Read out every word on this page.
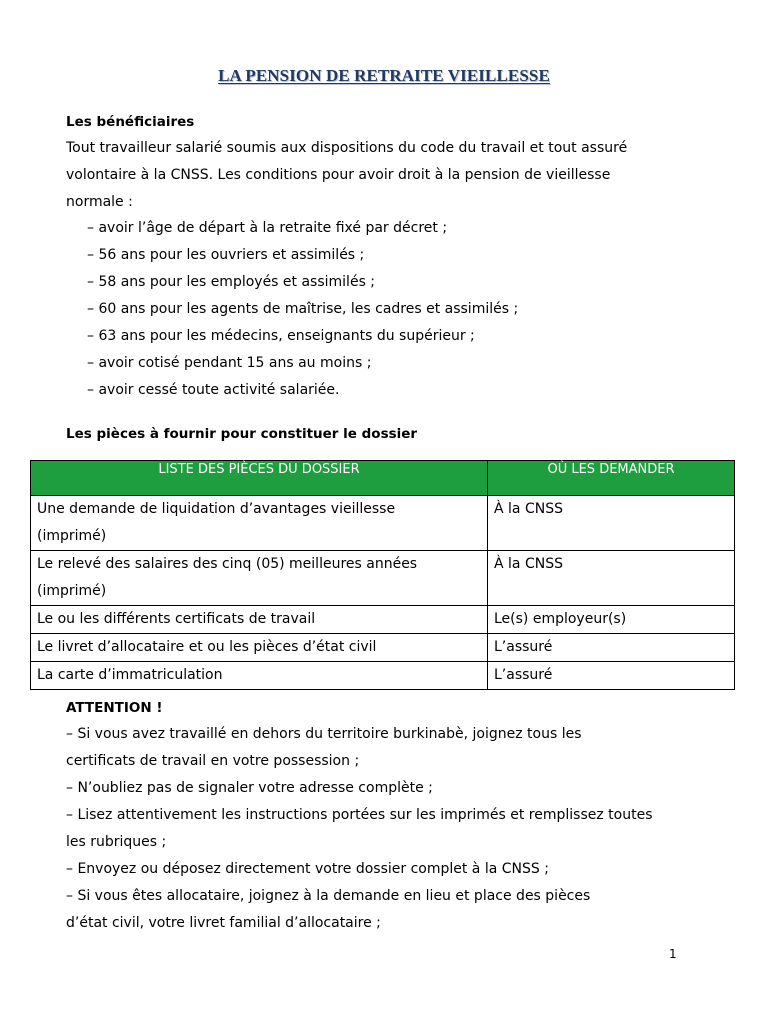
LA PENSION DE RETRAITE VIEILLESSE
Les bénéficiaires
Tout travailleur salarié soumis aux dispositions du code du travail et tout assuré
volontaire à la CNSS. Les conditions pour avoir droit à la pension de vieillesse
normale :
– avoir l’âge de départ à la retraite fixé par décret ;
– 56 ans pour les ouvriers et assimilés ;
– 58 ans pour les employés et assimilés ;
– 60 ans pour les agents de maîtrise, les cadres et assimilés ;
– 63 ans pour les médecins, enseignants du supérieur ;
– avoir cotisé pendant 15 ans au moins ;
– avoir cessé toute activité salariée.
Les pièces à fournir pour constituer le dossier
LISTE DES PIÈCES DU DOSSIER	OÙ LES DEMANDER

Une demande de liquidation d’avantages vieillesse
(imprimé)	À la CNSS

Le relevé des salaires des cinq (05) meilleures années
(imprimé)	À la CNSS
Le ou les différents certificats de travail	Le(s) employeur(s)
Le livret d’allocataire et ou les pièces d’état civil	L’assuré
La carte d’immatriculation	L’assuré
ATTENTION !
– Si vous avez travaillé en dehors du territoire burkinabè, joignez tous les
certificats de travail en votre possession ;
– N’oubliez pas de signaler votre adresse complète ;
– Lisez attentivement les instructions portées sur les imprimés et remplissez toutes
les rubriques ;
– Envoyez ou déposez directement votre dossier complet à la CNSS ;
– Si vous êtes allocataire, joignez à la demande en lieu et place des pièces
d’état civil, votre livret familial d’allocataire ;
1
